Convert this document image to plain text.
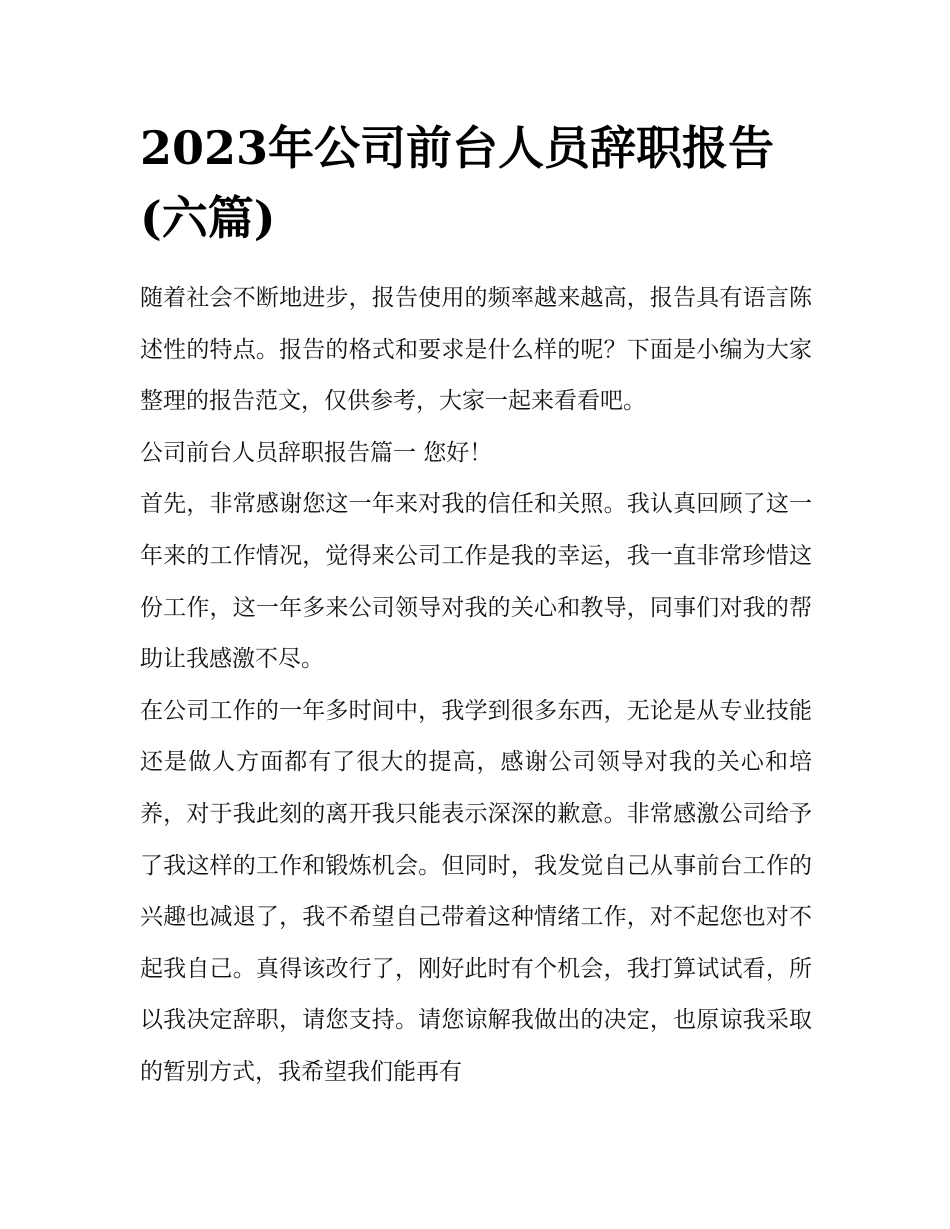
2023年公司前台人员辞职报告(六篇)

随着社会不断地进步，报告使用的频率越来越高，报告具有语言陈述性的特点。报告的格式和要求是什么样的呢？下面是小编为大家整理的报告范文，仅供参考，大家一起来看看吧。

公司前台人员辞职报告篇一 您好！

首先，非常感谢您这一年来对我的信任和关照。我认真回顾了这一年来的工作情况，觉得来公司工作是我的幸运，我一直非常珍惜这份工作，这一年多来公司领导对我的关心和教导，同事们对我的帮助让我感激不尽。

在公司工作的一年多时间中，我学到很多东西，无论是从专业技能还是做人方面都有了很大的提高，感谢公司领导对我的关心和培养，对于我此刻的离开我只能表示深深的歉意。非常感激公司给予了我这样的工作和锻炼机会。但同时，我发觉自己从事前台工作的兴趣也减退了，我不希望自己带着这种情绪工作，对不起您也对不起我自己。真得该改行了，刚好此时有个机会，我打算试试看，所以我决定辞职，请您支持。请您谅解我做出的决定，也原谅我采取的暂别方式，我希望我们能再有
